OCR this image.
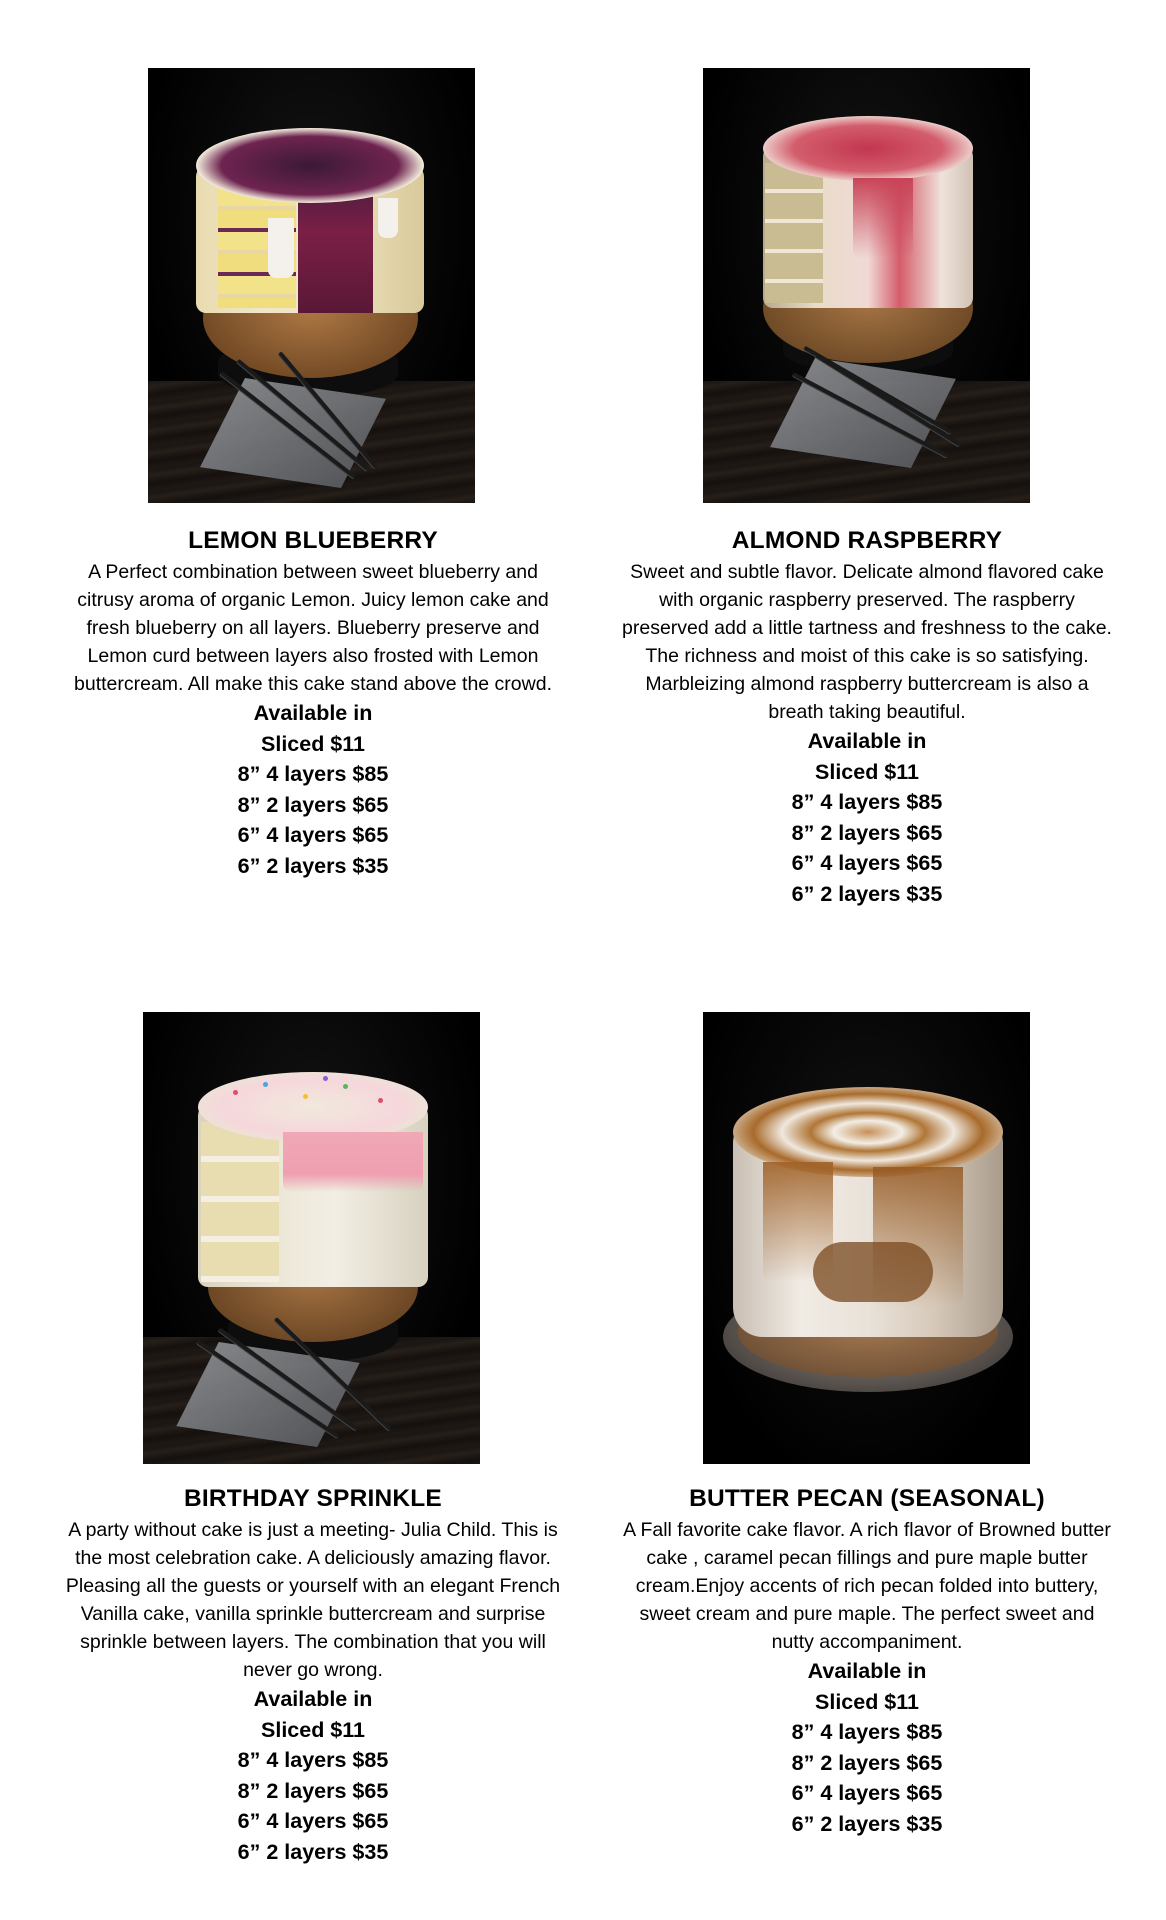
LEMON BLUEBERRY

A Perfect combination between sweet blueberry and citrusy aroma of organic Lemon. Juicy lemon cake and fresh blueberry on all layers. Blueberry preserve and Lemon curd between layers also frosted with Lemon buttercream. All make this cake stand above the crowd.

Available in
Sliced $11
8” 4 layers $85
8” 2 layers $65
6” 4 layers $65
6” 2 layers $35
ALMOND RASPBERRY

Sweet and subtle flavor. Delicate almond flavored cake with organic raspberry preserved. The raspberry preserved add a little tartness and freshness to the cake. The richness and moist of this cake is so satisfying. Marbleizing almond raspberry buttercream is also a breath taking beautiful.

Available in
Sliced $11
8” 4 layers $85
8” 2 layers $65
6” 4 layers $65
6” 2 layers $35
BIRTHDAY SPRINKLE

A party without cake is just a meeting- Julia Child. This is the most celebration cake. A deliciously amazing flavor. Pleasing all the guests or yourself with an elegant French Vanilla cake, vanilla sprinkle buttercream and surprise sprinkle between layers. The combination that you will never go wrong.

Available in
Sliced $11
8” 4 layers $85
8” 2 layers $65
6” 4 layers $65
6” 2 layers $35
BUTTER PECAN (SEASONAL)

A Fall favorite cake flavor. A rich flavor of Browned butter cake , caramel pecan fillings and pure maple butter cream.Enjoy accents of rich pecan folded into buttery, sweet cream and pure maple. The perfect sweet and nutty accompaniment.

Available in
Sliced $11
8” 4 layers $85
8” 2 layers $65
6” 4 layers $65
6” 2 layers $35
